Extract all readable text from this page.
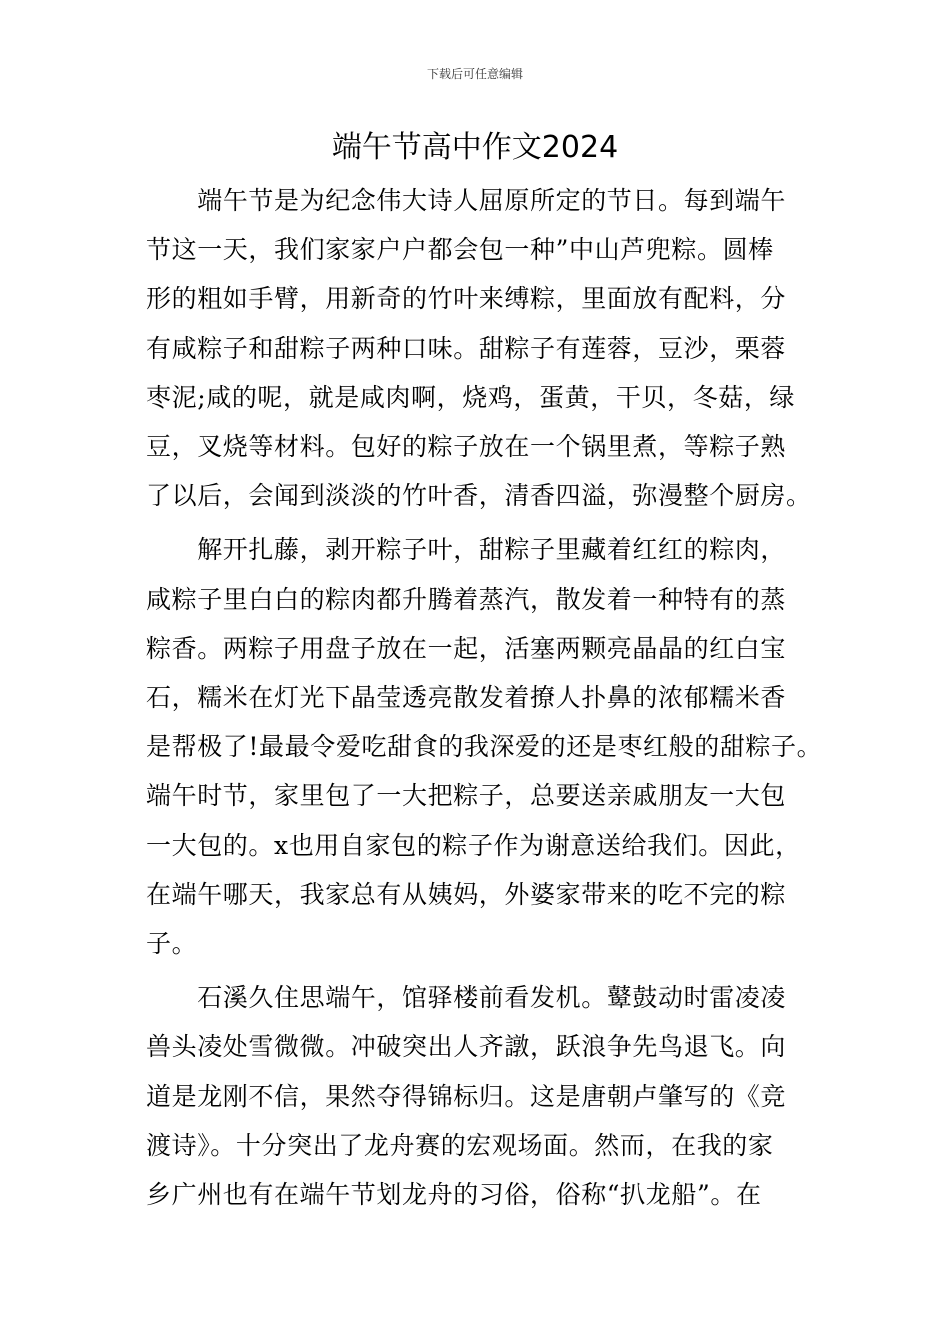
下载后可任意编辑
端午节高中作文2024
　　端午节是为纪念伟大诗人屈原所定的节日。每到端午
节这一天，我们家家户户都会包一种”中山芦兜粽。圆棒
形的粗如手臂，用新奇的竹叶来缚粽，里面放有配料，分
有咸粽子和甜粽子两种口味。甜粽子有莲蓉，豆沙，栗蓉
枣泥;咸的呢，就是咸肉啊，烧鸡，蛋黄，干贝，冬菇，绿
豆，叉烧等材料。包好的粽子放在一个锅里煮，等粽子熟
了以后，会闻到淡淡的竹叶香，清香四溢，弥漫整个厨房。
　　解开扎藤，剥开粽子叶，甜粽子里藏着红红的粽肉，
咸粽子里白白的粽肉都升腾着蒸汽，散发着一种特有的蒸
粽香。两粽子用盘子放在一起，活塞两颗亮晶晶的红白宝
石，糯米在灯光下晶莹透亮散发着撩人扑鼻的浓郁糯米香
是帮极了!最最令爱吃甜食的我深爱的还是枣红般的甜粽子。
端午时节，家里包了一大把粽子，总要送亲戚朋友一大包
一大包的。x也用自家包的粽子作为谢意送给我们。因此，
在端午哪天，我家总有从姨妈，外婆家带来的吃不完的粽
子。
　　石溪久住思端午，馆驿楼前看发机。鼙鼓动时雷凌凌
兽头凌处雪微微。冲破突出人齐譈，跃浪争先鸟退飞。向
道是龙刚不信，果然夺得锦标归。这是唐朝卢肇写的《竞
渡诗》。十分突出了龙舟赛的宏观场面。然而，在我的家
乡广州也有在端午节划龙舟的习俗，俗称“扒龙船”。在
